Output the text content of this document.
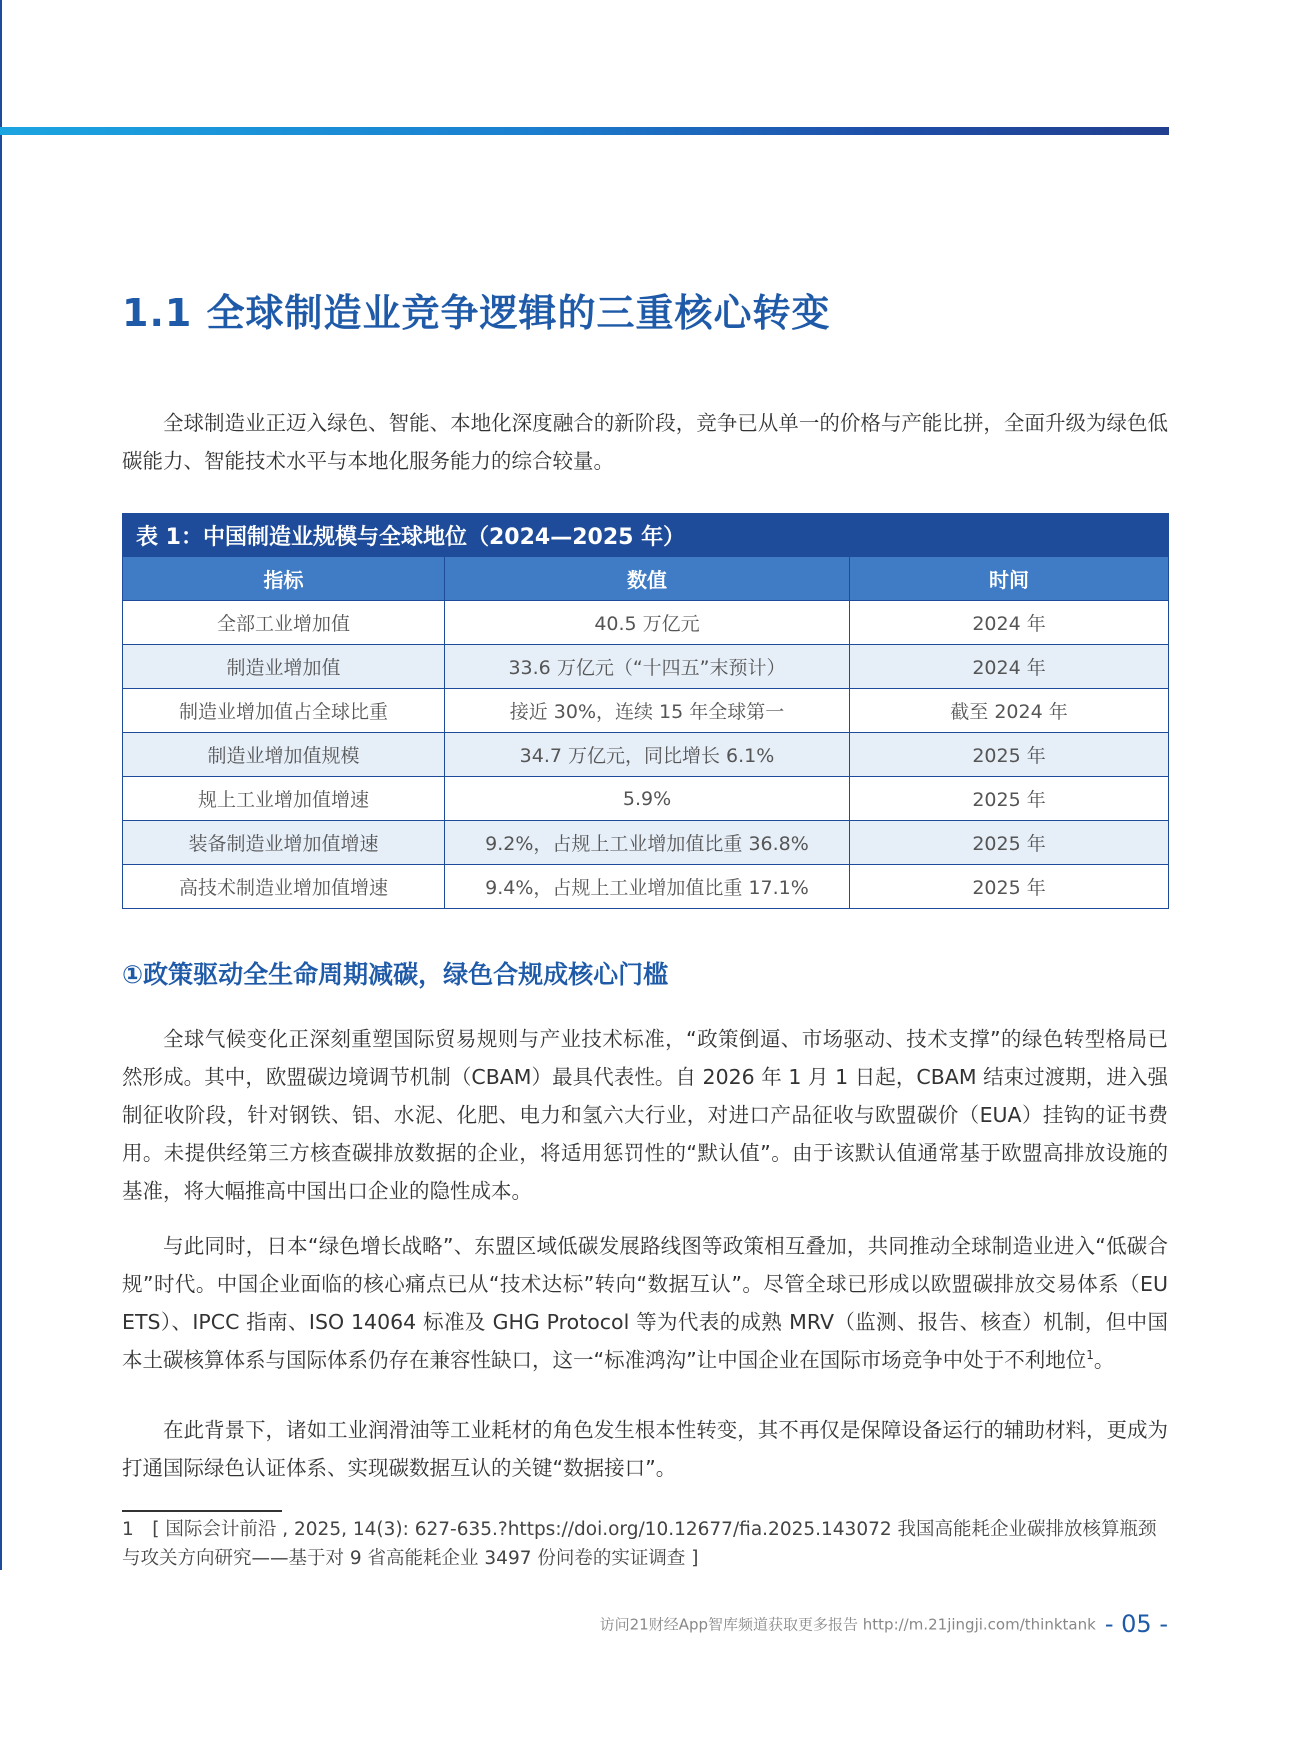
1.1 全球制造业竞争逻辑的三重核心转变

全球制造业正迈入绿色、智能、本地化深度融合的新阶段，竞争已从单一的价格与产能比拼，全面升级为绿色低碳能力、智能技术水平与本地化服务能力的综合较量。

表 1：中国制造业规模与全球地位（2024—2025 年）		
指标	数值	时间
全部工业增加值	40.5 万亿元	2024 年
制造业增加值	33.6 万亿元（“十四五”末预计）	2024 年
制造业增加值占全球比重	接近 30%，连续 15 年全球第一	截至 2024 年
制造业增加值规模	34.7 万亿元，同比增长 6.1%	2025 年
规上工业增加值增速	5.9%	2025 年
装备制造业增加值增速	9.2%，占规上工业增加值比重 36.8%	2025 年
高技术制造业增加值增速	9.4%，占规上工业增加值比重 17.1%	2025 年
①政策驱动全生命周期减碳，绿色合规成核心门槛

全球气候变化正深刻重塑国际贸易规则与产业技术标准，“政策倒逼、市场驱动、技术支撑”的绿色转型格局已然形成。其中，欧盟碳边境调节机制（CBAM）最具代表性。自 2026 年 1 月 1 日起，CBAM 结束过渡期，进入强制征收阶段，针对钢铁、铝、水泥、化肥、电力和氢六大行业，对进口产品征收与欧盟碳价（EUA）挂钩的证书费用。未提供经第三方核查碳排放数据的企业，将适用惩罚性的“默认值”。由于该默认值通常基于欧盟高排放设施的基准，将大幅推高中国出口企业的隐性成本。

与此同时，日本“绿色增长战略”、东盟区域低碳发展路线图等政策相互叠加，共同推动全球制造业进入“低碳合规”时代。中国企业面临的核心痛点已从“技术达标”转向“数据互认”。尽管全球已形成以欧盟碳排放交易体系（EU ETS）、IPCC 指南、ISO 14064 标准及 GHG Protocol 等为代表的成熟 MRV（监测、报告、核查）机制，但中国本土碳核算体系与国际体系仍存在兼容性缺口，这一“标准鸿沟”让中国企业在国际市场竞争中处于不利地位$^1$。

在此背景下，诸如工业润滑油等工业耗材的角色发生根本性转变，其不再仅是保障设备运行的辅助材料，更成为打通国际绿色认证体系、实现碳数据互认的关键“数据接口”。

1　[ 国际会计前沿 , 2025, 14(3): 627-635.?https://doi.org/10.12677/fia.2025.143072 我国高能耗企业碳排放核算瓶颈与攻关方向研究——基于对 9 省高能耗企业 3497 份问卷的实证调查 ]

访问21财经App智库频道获取更多报告 http://m.21jingji.com/thinktank - 05 -
